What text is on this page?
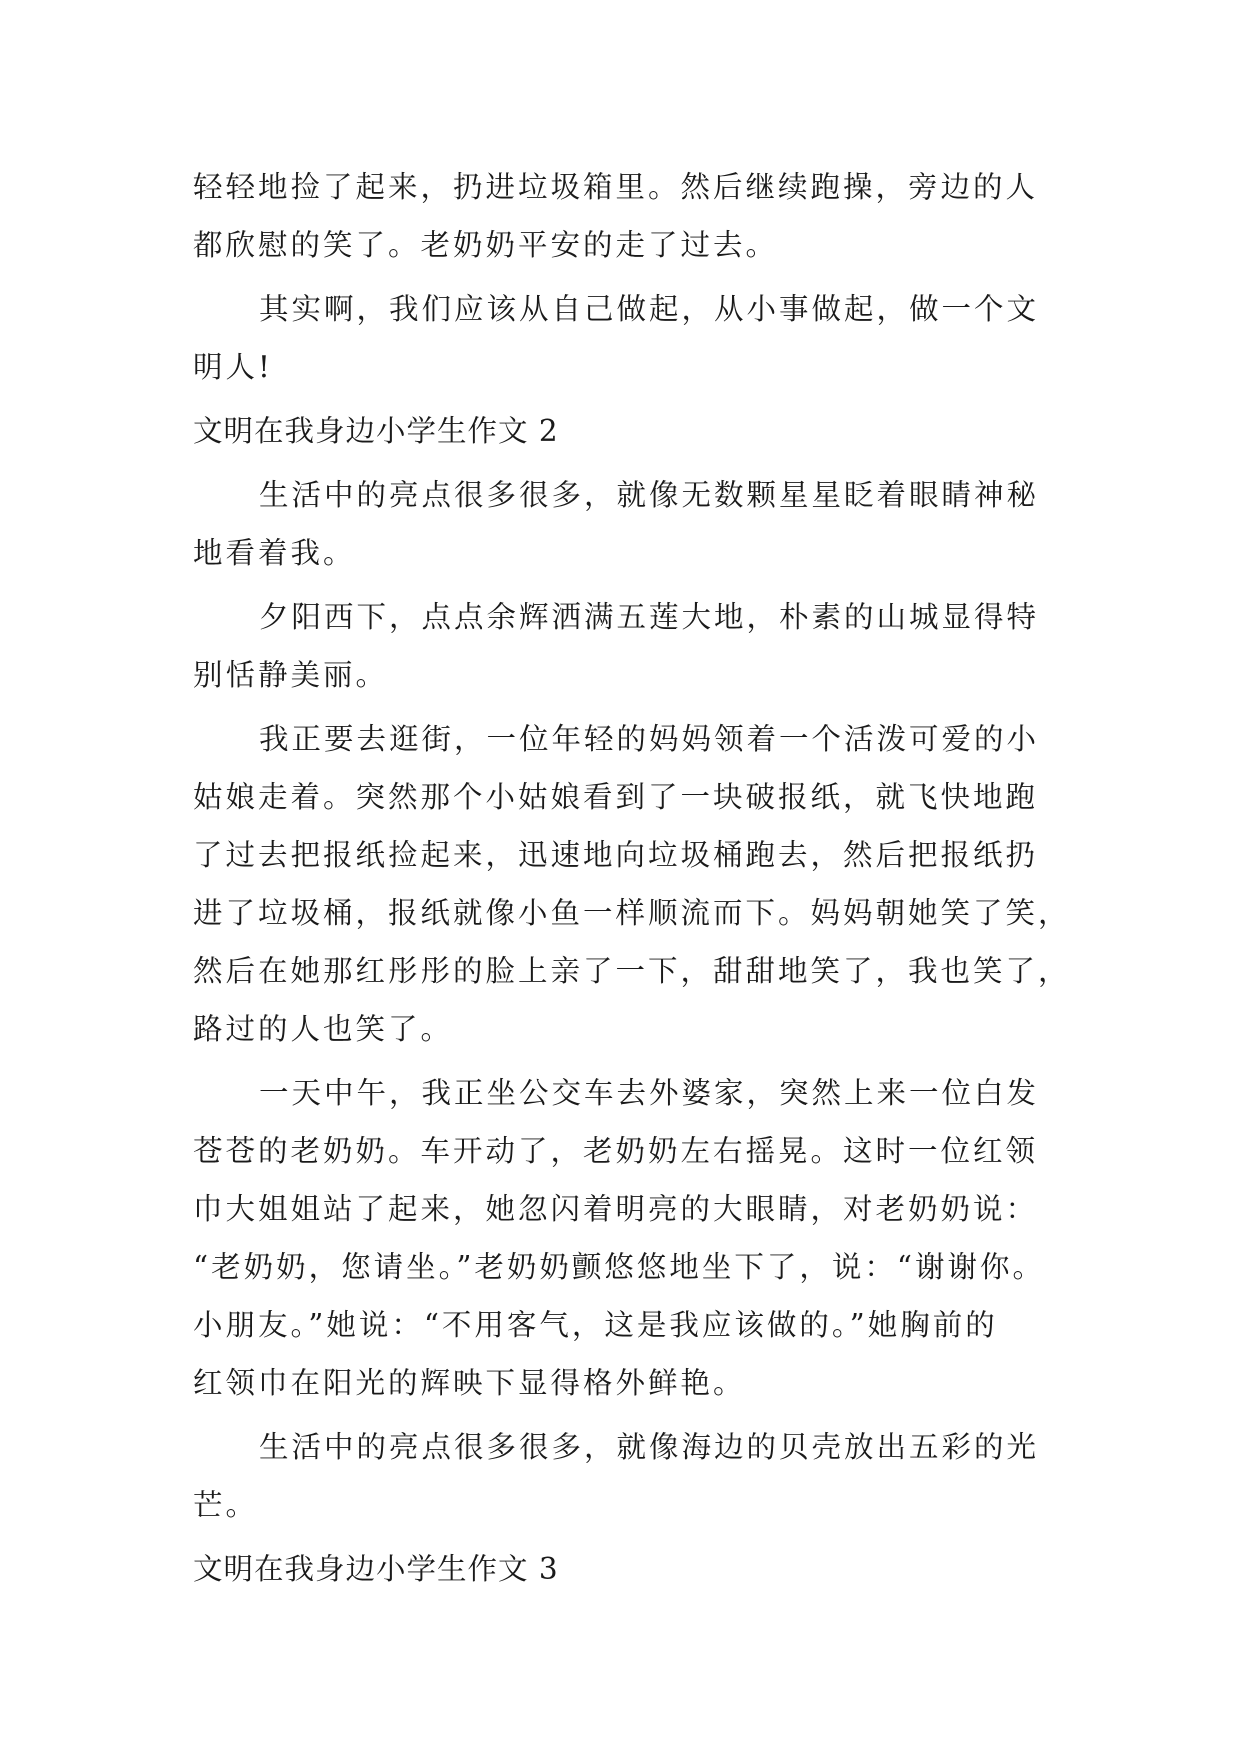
轻轻地捡了起来，扔进垃圾箱里。然后继续跑操，旁边的人
都欣慰的笑了。老奶奶平安的走了过去。
其实啊，我们应该从自己做起，从小事做起，做一个文
明人!
文明在我身边小学生作文 2
生活中的亮点很多很多，就像无数颗星星眨着眼睛神秘
地看着我。
夕阳西下，点点余辉洒满五莲大地，朴素的山城显得特
别恬静美丽。
我正要去逛街，一位年轻的妈妈领着一个活泼可爱的小
姑娘走着。突然那个小姑娘看到了一块破报纸，就飞快地跑
了过去把报纸捡起来，迅速地向垃圾桶跑去，然后把报纸扔
进了垃圾桶，报纸就像小鱼一样顺流而下。妈妈朝她笑了笑，
然后在她那红彤彤的脸上亲了一下，甜甜地笑了，我也笑了，
路过的人也笑了。
一天中午，我正坐公交车去外婆家，突然上来一位白发
苍苍的老奶奶。车开动了，老奶奶左右摇晃。这时一位红领
巾大姐姐站了起来，她忽闪着明亮的大眼睛，对老奶奶说：
“老奶奶，您请坐。”老奶奶颤悠悠地坐下了，说：“谢谢你。
小朋友。”她说：“不用客气，这是我应该做的。”她胸前的
红领巾在阳光的辉映下显得格外鲜艳。
生活中的亮点很多很多，就像海边的贝壳放出五彩的光
芒。
文明在我身边小学生作文 3
